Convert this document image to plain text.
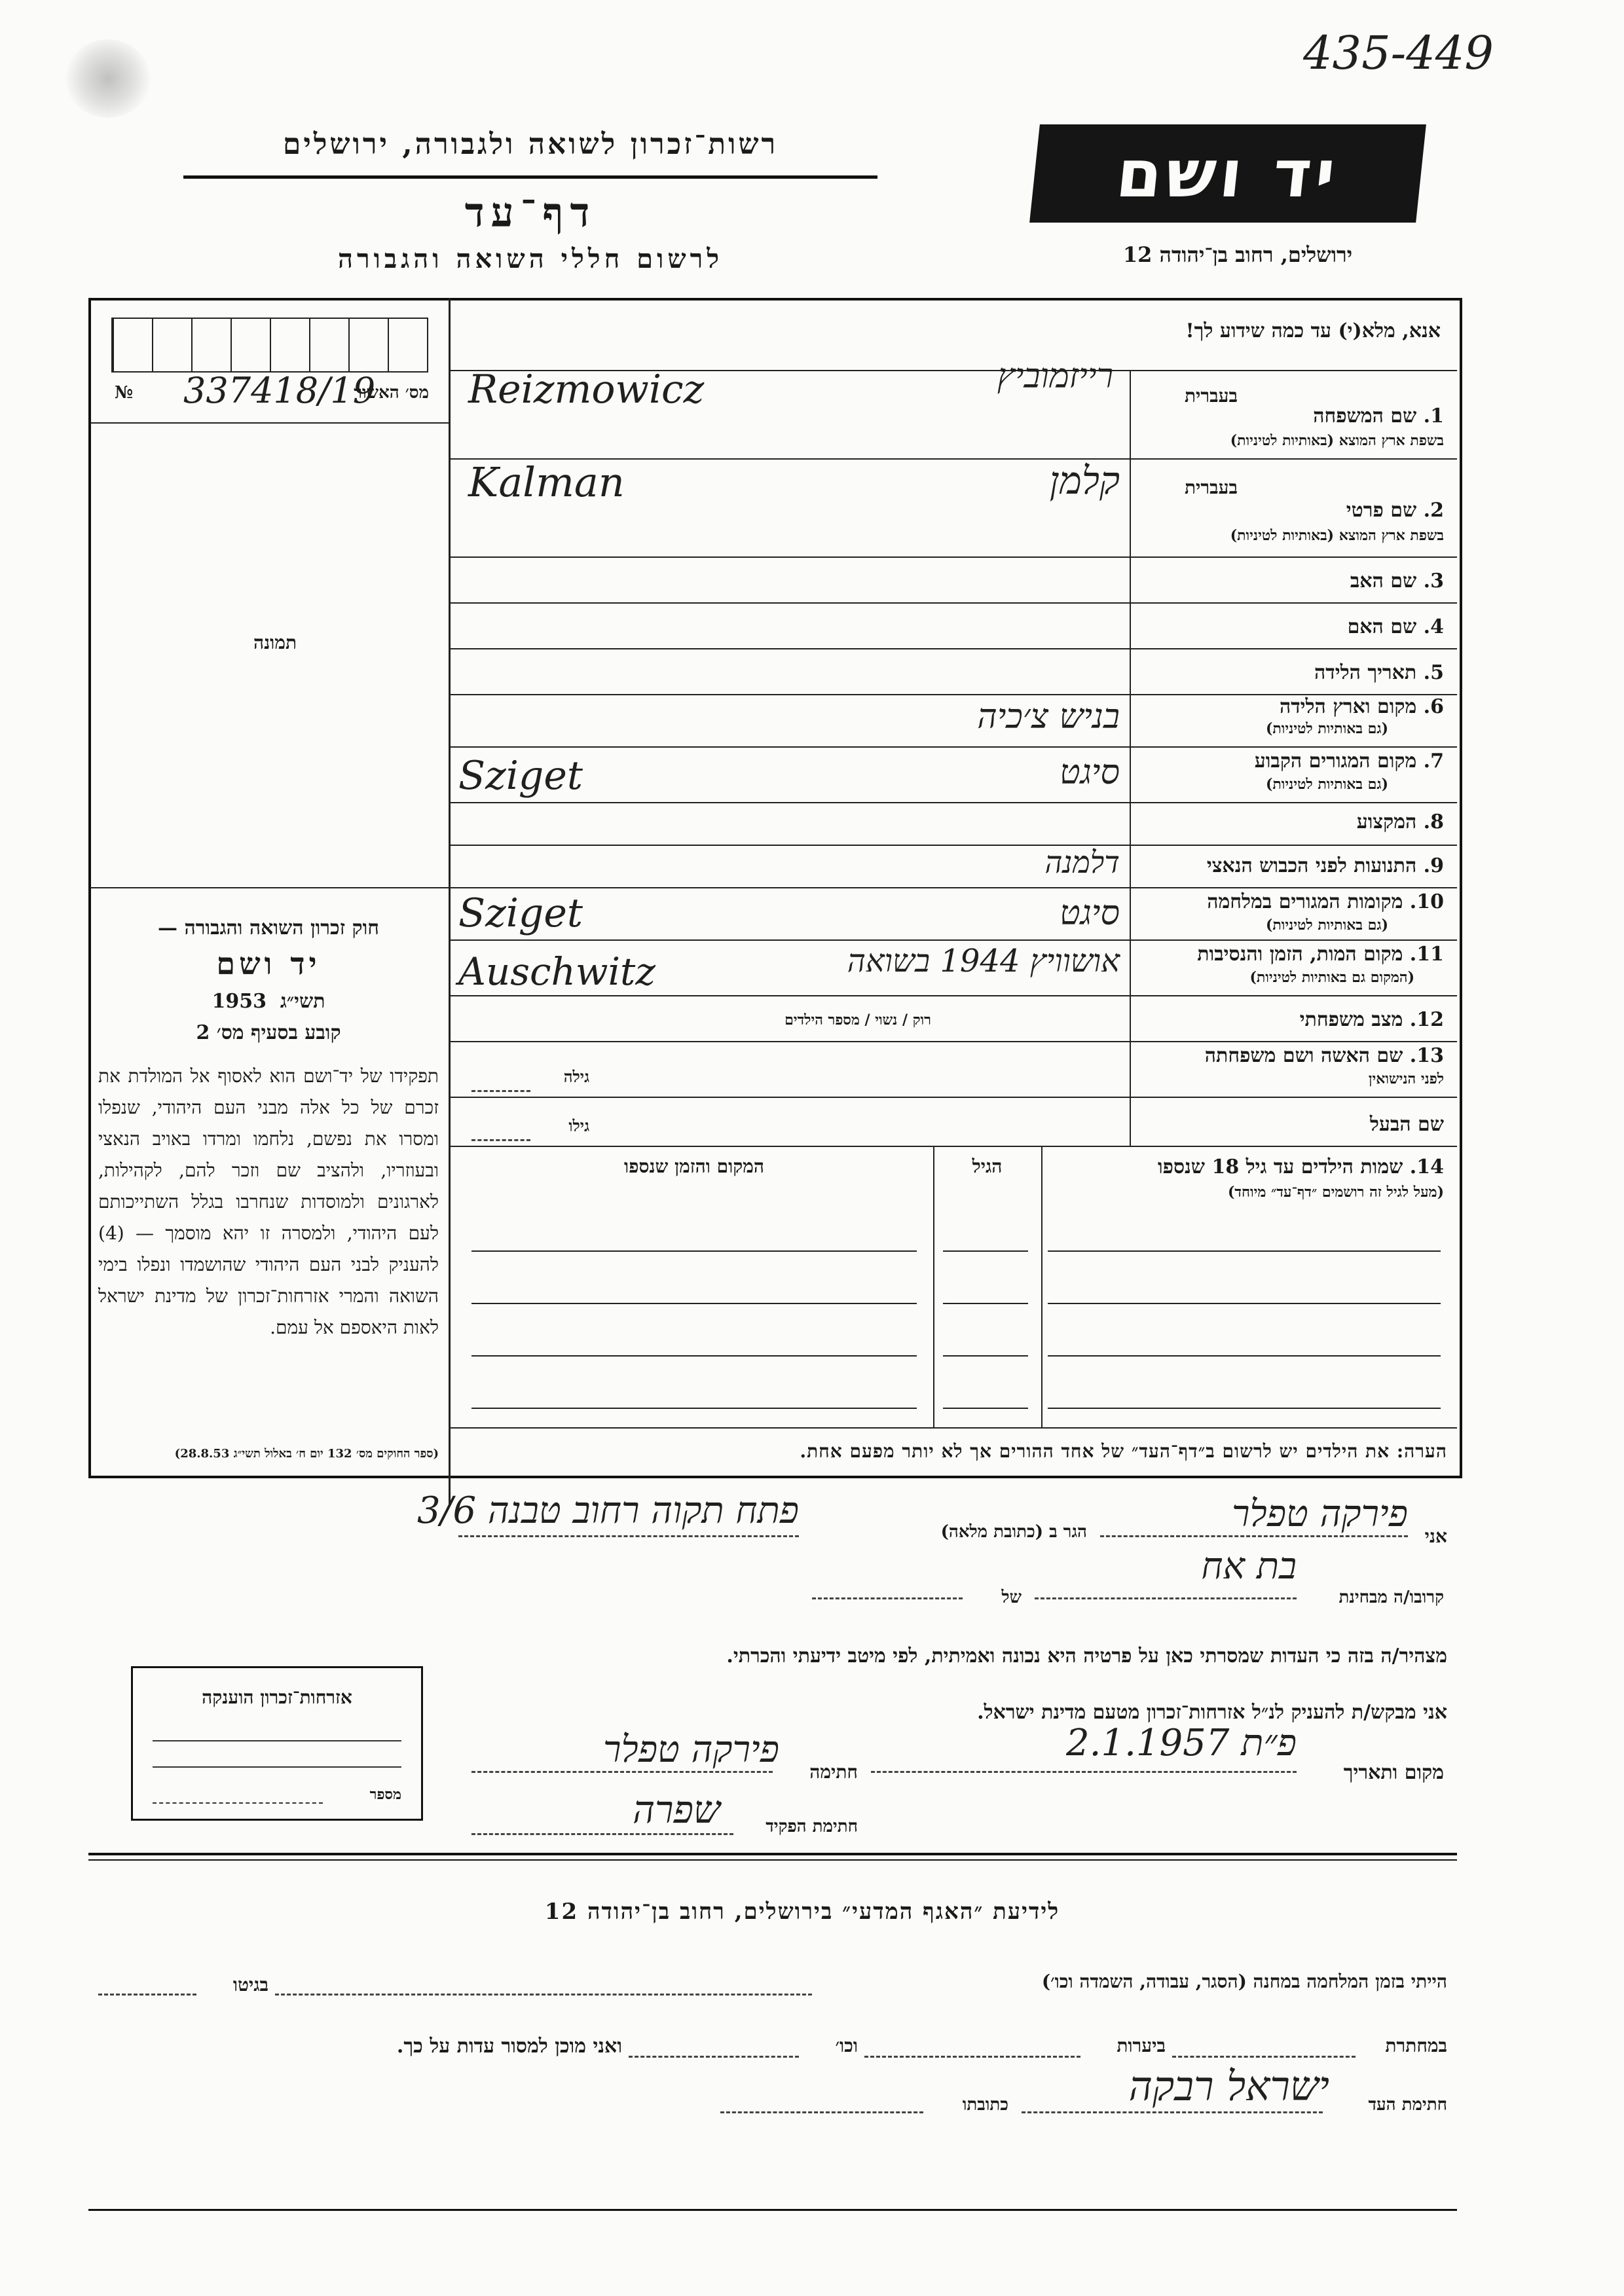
435-449
רשות־זכרון לשואה ולגבורה, ירושלים
דף־עד
לרשום חללי השואה והגבורה
יד ושם
ירושלים, רחוב בן־יהודה 12
337418/19
מס׳ האשור
№
תמונה
חוק זכרון השואה והגבורה —
יד ושם
1953 תשי״ג
קובע בסעיף מס׳ 2
תפקידו של יד־ושם הוא לאסוף אל המולדת את זכרם של כל אלה מבני העם היהודי, שנפלו ומסרו את נפשם, נלחמו ומרדו באויב הנאצי ובעוזריו, ולהציב שם וזכר להם, לקהילות, לארגונים ולמוסדות שנחרבו בגלל השתייכותם לעם היהודי, ולמסרה זו יהא מוסמך — (4) להעניק לבני העם היהודי שהושמדו ונפלו בימי השואה והמרי אזרחות־זכרון של מדינת ישראל לאות היאספם אל עמם.
(ספר החוקים מס׳ 132 יום ח׳ באלול תשי״ג 28.8.53)
אנא, מלא(י) עד כמה שידוע לך!
בעברית
1. שם המשפחה
בשפת ארץ המוצא (באותיות לטיניות)
רייזמוביץ
Reizmowicz
בעברית
2. שם פרטי
בשפת ארץ המוצא (באותיות לטיניות)
קלמן
Kalman
3. שם האב
4. שם האם
5. תאריך הלידה
6. מקום וארץ הלידה
(גם באותיות לטיניות)
בניש צ׳כיה
7. מקום המגורים הקבוע
(גם באותיות לטיניות)
סיגט
Sziget
8. המקצוע
9. התנועות לפני הכבוש הנאצי
דלמנה
10. מקומות המגורים במלחמה
(גם באותיות לטיניות)
סיגט
Sziget
11. מקום המות, הזמן והנסיבות
(המקום גם באותיות לטיניות)
אושוויץ 1944 בשואה
Auschwitz
12. מצב משפחתי
רוק / נשוי / מספר הילדים
13. שם האשה ושם משפחתה
לפני הנישואין
גילה
שם הבעל
גילו
14. שמות הילדים עד גיל 18 שנספו
(מעל לגיל זה רושמים ״דף־עד״ מיוחד)
הגיל
המקום והזמן שנספו
הערה: את הילדים יש לרשום ב״דף־העד״ של אחד ההורים אך לא יותר מפעם אחת.
אני
פירקה טפלר
הגר ב (כתובת מלאה)
פתח תקוה רחוב טבנה 3/6
קרובו/ה מבחינת
בת אח
של
מצהיר/ה בזה כי העדות שמסרתי כאן על פרטיה היא נכונה ואמיתית, לפי מיטב ידיעתי והכרתי.
אני מבקש/ת להעניק לנ״ל אזרחות־זכרון מטעם מדינת ישראל.
מקום ותאריך
פ״ת 2.1.1957
חתימה
פירקה טפלר
חתימת הפקיד
שפרה
אזרחות־זכרון הוענקה
מספר
לידיעת ״האגף המדעי״ בירושלים, רחוב בן־יהודה 12
הייתי בזמן המלחמה במחנה (הסגר, עבודה, השמדה וכו׳)
בגיטו
במחתרת
ביערות
וכו׳
ואני מוכן למסור עדות על כך.
חתימת העד
ישראל רבקה
כתובתו
